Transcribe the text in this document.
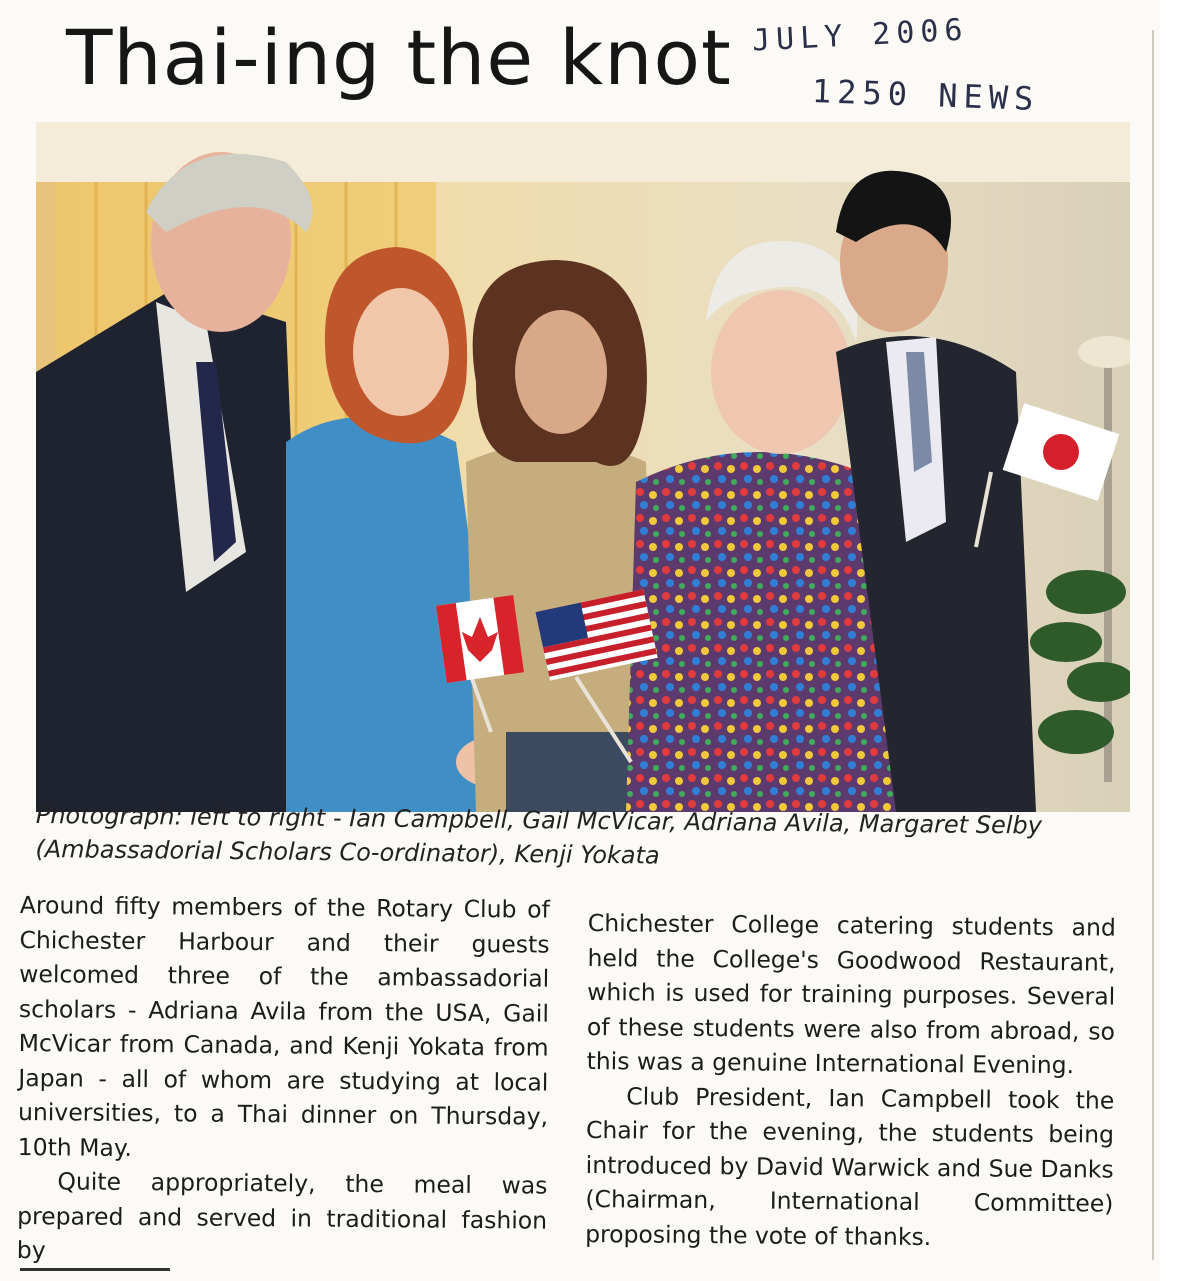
Thai-ing the knot JULY 2006
1250 NEWS

Photograph: left to right - Ian Campbell, Gail McVicar, Adriana Avila, Margaret Selby (Ambassadorial Scholars Co-ordinator), Kenji Yokata

Around fifty members of the Rotary Club of Chichester Harbour and their guests welcomed three of the ambassadorial scholars - Adriana Avila from the USA, Gail McVicar from Canada, and Kenji Yokata from Japan - all of whom are studying at local universities, to a Thai dinner on Thursday, 10th May.

Quite appropriately, the meal was prepared and served in traditional fashion by

Chichester College catering students and held the College's Goodwood Restaurant, which is used for training purposes. Several of these students were also from abroad, so this was a genuine International Evening.

Club President, Ian Campbell took the Chair for the evening, the students being introduced by David Warwick and Sue Danks (Chairman, International Committee) proposing the vote of thanks.
